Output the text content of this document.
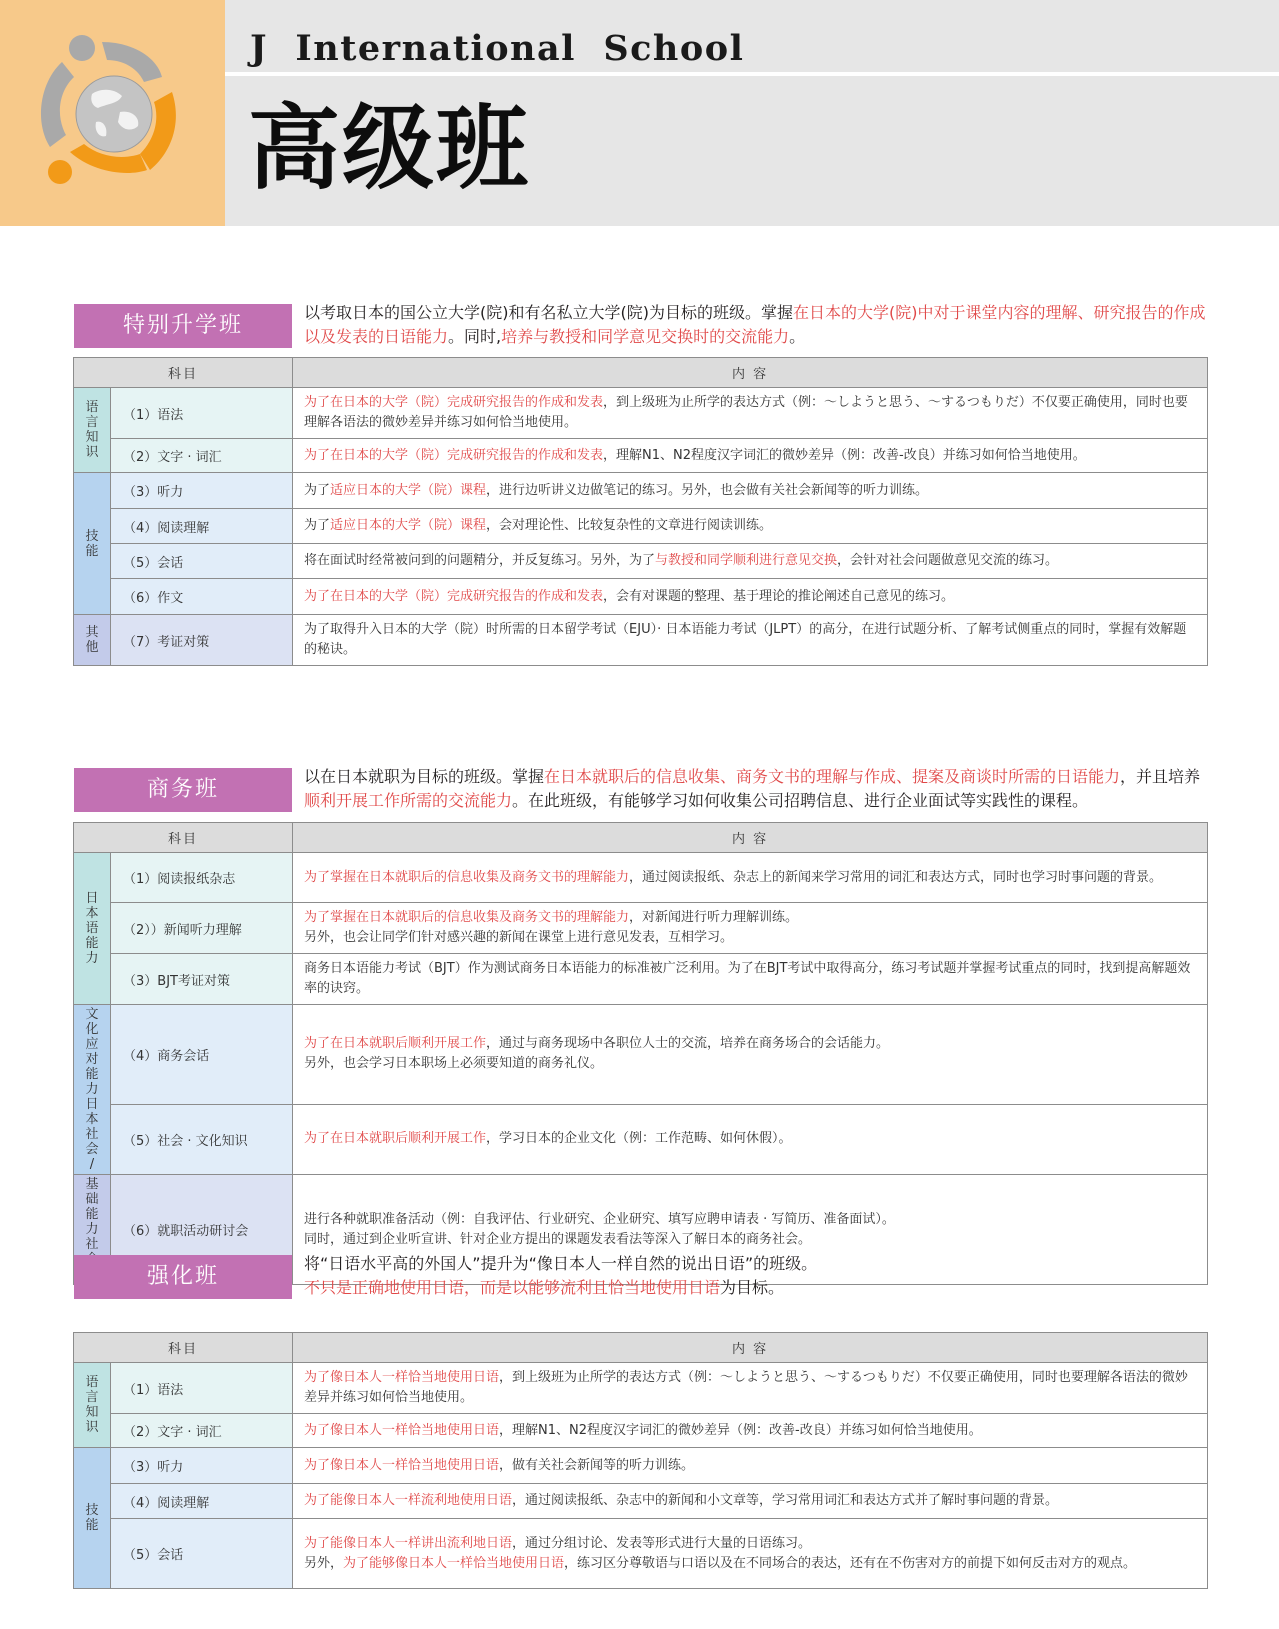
J  International  School
高级班
特别升学班
以考取日本的国公立大学(院)和有名私立大学(院)为目标的班级。掌握在日本的大学(院)中对于课堂内容的理解、研究报告的作成以及发表的日语能力。同时,培养与教授和同学意见交换时的交流能力。
科目		内 容
语言知识	（1）语法	为了在日本的大学（院）完成研究报告的作成和发表，到上级班为止所学的表达方式（例：～しようと思う、～するつもりだ）不仅要正确使用，同时也要理解各语法的微妙差异并练习如何恰当地使用。
	（2）文字 · 词汇	为了在日本的大学（院）完成研究报告的作成和发表，理解N1、N2程度汉字词汇的微妙差异（例：改善-改良）并练习如何恰当地使用。
技能	（3）听力	为了适应日本的大学（院）课程，进行边听讲义边做笔记的练习。另外，也会做有关社会新闻等的听力训练。
	（4）阅读理解	为了适应日本的大学（院）课程，会对理论性、比较复杂性的文章进行阅读训练。
	（5）会话	将在面试时经常被问到的问题精分，并反复练习。另外，为了与教授和同学顺利进行意见交换，会针对社会问题做意见交流的练习。
	（6）作文	为了在日本的大学（院）完成研究报告的作成和发表，会有对课题的整理、基于理论的推论阐述自己意见的练习。
其他	（7）考证对策	为了取得升入日本的大学（院）时所需的日本留学考试（EJU）· 日本语能力考试（JLPT）的高分，在进行试题分析、了解考试侧重点的同时，掌握有效解题的秘诀。
商务班
以在日本就职为目标的班级。掌握在日本就职后的信息收集、商务文书的理解与作成、提案及商谈时所需的日语能力，并且培养顺利开展工作所需的交流能力。在此班级，有能够学习如何收集公司招聘信息、进行企业面试等实践性的课程。
科目		内 容
日本语能力	（1）阅读报纸杂志	为了掌握在日本就职后的信息收集及商务文书的理解能力，通过阅读报纸、杂志上的新闻来学习常用的词汇和表达方式，同时也学习时事问题的背景。
	（2））新闻听力理解	为了掌握在日本就职后的信息收集及商务文书的理解能力，对新闻进行听力理解训练。
另外，也会让同学们针对感兴趣的新闻在课堂上进行意见发表，互相学习。
	（3）BJT考证对策	商务日本语能力考试（BJT）作为测试商务日本语能力的标准被广泛利用。为了在BJT考试中取得高分，练习考试题并掌握考试重点的同时，找到提高解题效率的诀窍。
文化应对能力 日本社会 /	（4）商务会话	为了在日本就职后顺利开展工作，通过与商务现场中各职位人士的交流，培养在商务场合的会话能力。
另外，也会学习日本职场上必须要知道的商务礼仪。
	（5）社会 · 文化知识	为了在日本就职后顺利开展工作，学习日本的企业文化（例：工作范畴、如何休假）。
基础能力 社	（6）就职活动研讨会	进行各种就职准备活动（例：自我评估、行业研究、企业研究、填写应聘申请表 · 写简历、准备面试）。
同时，通过到企业听宣讲、针对企业方提出的课题发表看法等深入了解日本的商务社会。
强化班
将“日语水平高的外国人”提升为“像日本人一样自然的说出日语”的班级。
不只是正确地使用日语，而是以能够流利且恰当地使用日语为目标。
科目		内 容
语言知识	（1）语法	为了像日本人一样恰当地使用日语，到上级班为止所学的表达方式（例：～しようと思う、～するつもりだ）不仅要正确使用，同时也要理解各语法的微妙差异并练习如何恰当地使用。
	（2）文字 · 词汇	为了像日本人一样恰当地使用日语，理解N1、N2程度汉字词汇的微妙差异（例：改善-改良）并练习如何恰当地使用。
技能	（3）听力	为了像日本人一样恰当地使用日语，做有关社会新闻等的听力训练。
	（4）阅读理解	为了能像日本人一样流利地使用日语，通过阅读报纸、杂志中的新闻和小文章等，学习常用词汇和表达方式并了解时事问题的背景。
	（5）会话	为了能像日本人一样讲出流利地日语，通过分组讨论、发表等形式进行大量的日语练习。
另外，为了能够像日本人一样恰当地使用日语，练习区分尊敬语与口语以及在不同场合的表达，还有在不伤害对方的前提下如何反击对方的观点。
